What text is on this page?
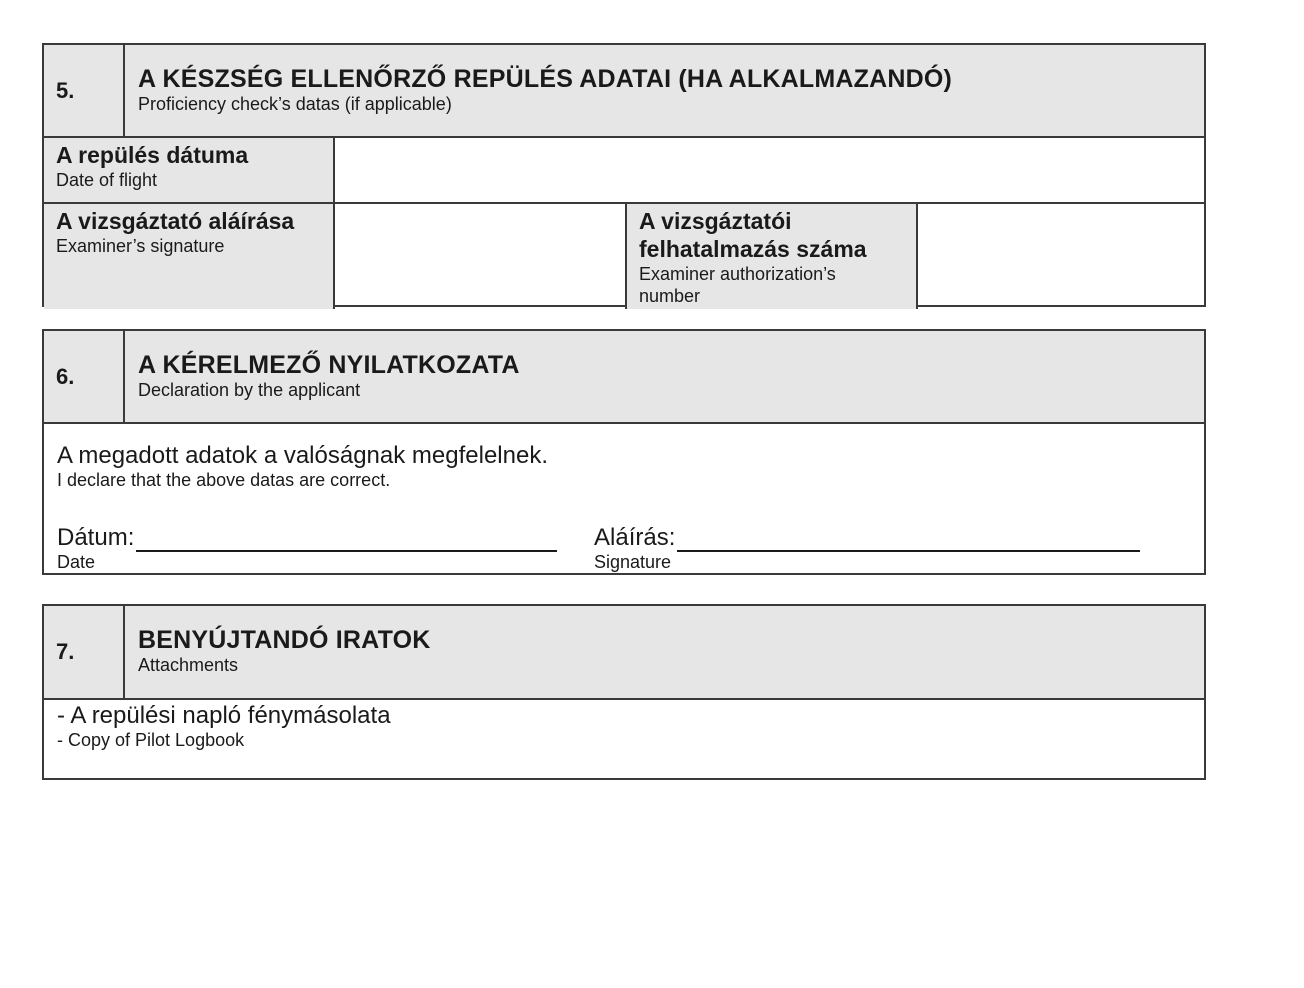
5.	A KÉSZSÉG ELLENŐRZŐ REPÜLÉS ADATAI (HA ALKALMAZANDÓ)
Proficiency check’s datas (if applicable)
A repülés dátuma
Date of flight
A vizsgáztató aláírása
Examiner’s signature
A vizsgáztatói felhatalmazás száma
Examiner authorization’s number
6.	A KÉRELMEZŐ NYILATKOZATA
Declaration by the applicant
A megadott adatok a valóságnak megfelelnek.
I declare that the above datas are correct.
Dátum:
Date
Aláírás:
Signature
7.	BENYÚJTANDÓ IRATOK
Attachments
- A repülési napló fénymásolata
- Copy of Pilot Logbook
